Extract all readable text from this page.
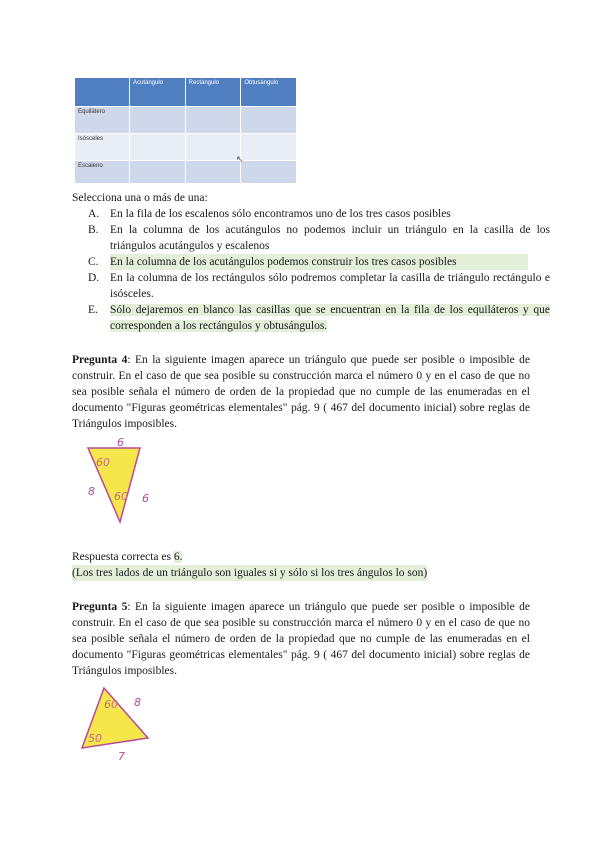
	Acutángulo	Rectángulo	Obtusángulo
Equilátero			
Isósceles			
Escaleno			
↖
Selecciona una o más de una:
A. En la fila de los escalenos sólo encontramos uno de los tres casos posibles
B. En la columna de los acutángulos no podemos incluir un triángulo en la casilla de los triángulos acutángulos y escalenos
C. En la columna de los acutángulos podemos construir los tres casos posibles
D. En la columna de los rectángulos sólo podremos completar la casilla de triángulo rectángulo e isósceles.
E.	Sólo dejaremos en blanco las casillas que se encuentran en la fila de los equiláteros y que corresponden a los rectángulos y obtusángulos.
Pregunta 4: En la siguiente imagen aparece un triángulo que puede ser posible o imposible de construir. En el caso de que sea posible su construcción marca el número 0 y en el caso de que no sea posible señala el número de orden de la propiedad que no cumple de las enumeradas en el documento "Figuras geométricas elementales" pág. 9 ( 467 del documento inicial) sobre reglas de Triángulos imposibles.
6
8
6
60
60
Respuesta correcta es 6.
(Los tres lados de un triángulo son iguales si y sólo si los tres ángulos lo son)
Pregunta 5: En la siguiente imagen aparece un triángulo que puede ser posible o imposible de construir. En el caso de que sea posible su construcción marca el número 0 y en el caso de que no sea posible señala el número de orden de la propiedad que no cumple de las enumeradas en el documento "Figuras geométricas elementales" pág. 9 ( 467 del documento inicial) sobre reglas de Triángulos imposibles.
8
7
60
50
